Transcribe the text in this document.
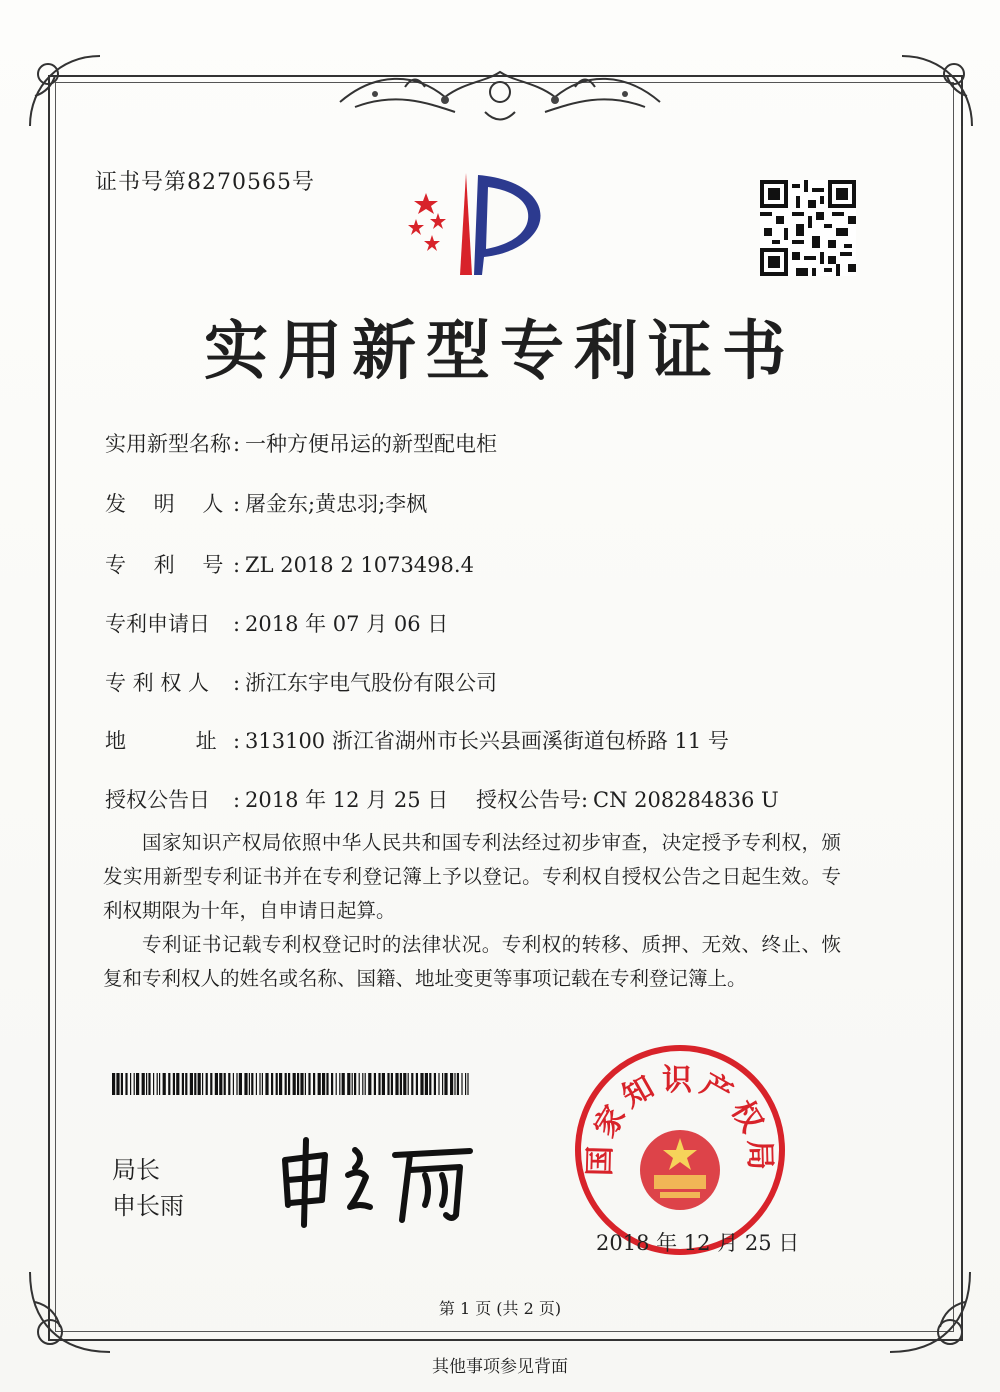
证书号第8270565号
实用新型专利证书
实用新型名称: 一种方便吊运的新型配电柜
发　 明　 人 : 屠金东;黄忠羽;李枫
专　 利　 号 : ZL 2018 2 1073498.4
专利申请日 : 2018 年 07 月 06 日
专 利 权 人 : 浙江东宇电气股份有限公司
地　　　 址 : 313100 浙江省湖州市长兴县画溪街道包桥路 11 号
授权公告日 : 2018 年 12 月 25 日 授权公告号: CN 208284836 U

国家知识产权局依照中华人民共和国专利法经过初步审查，决定授予专利权，颁发实用新型专利证书并在专利登记簿上予以登记。专利权自授权公告之日起生效。专利权期限为十年，自申请日起算。

专利证书记载专利权登记时的法律状况。专利权的转移、质押、无效、终止、恢复和专利权人的姓名或名称、国籍、地址变更等事项记载在专利登记簿上。

局长
申长雨
国家知识产权局
2018 年 12 月 25 日
第 1 页 (共 2 页)
其他事项参见背面
